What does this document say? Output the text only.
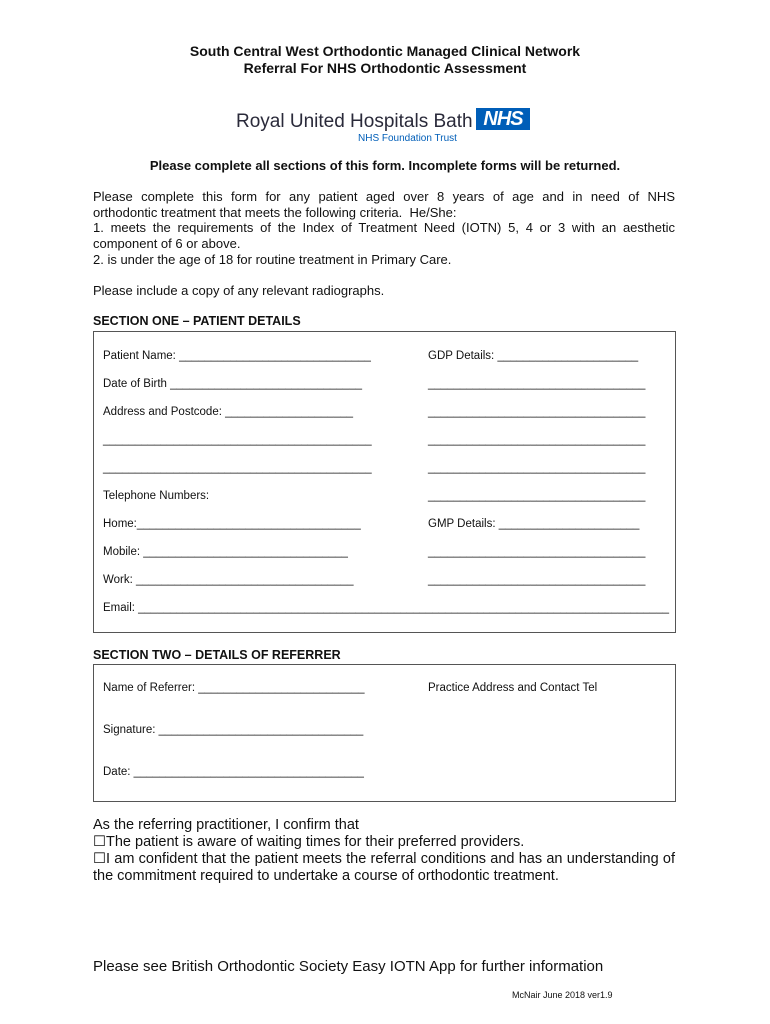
South Central West Orthodontic Managed Clinical Network
Referral For NHS Orthodontic Assessment
Royal United Hospitals Bath NHS
NHS Foundation Trust
Please complete all sections of this form. Incomplete forms will be returned.
Please complete this form for any patient aged over 8 years of age and in need of NHS
orthodontic treatment that meets the following criteria.  He/She:
1. meets the requirements of the Index of Treatment Need (IOTN) 5, 4 or 3 with an aesthetic
component of 6 or above.
2. is under the age of 18 for routine treatment in Primary Care.
Please include a copy of any relevant radiographs.
SECTION ONE – PATIENT DETAILS
Patient Name: ______________________________
Date of Birth ______________________________
Address and Postcode: ____________________
__________________________________________
__________________________________________
Telephone Numbers:
Home:___________________________________
Mobile: ________________________________
Work: __________________________________
Email: ___________________________________________________________________________________
GDP Details: ______________________
__________________________________
__________________________________
__________________________________
__________________________________
__________________________________
GMP Details: ______________________
__________________________________
__________________________________
SECTION TWO – DETAILS OF REFERRER
Name of Referrer: __________________________	Practice Address and Contact Tel
Signature: ________________________________
Date: ____________________________________
As the referring practitioner, I confirm that
☐The patient is aware of waiting times for their preferred providers.
☐I am confident that the patient meets the referral conditions and has an understanding of the commitment required to undertake a course of orthodontic treatment.
Please see British Orthodontic Society Easy IOTN App for further information
McNair June 2018 ver1.9
